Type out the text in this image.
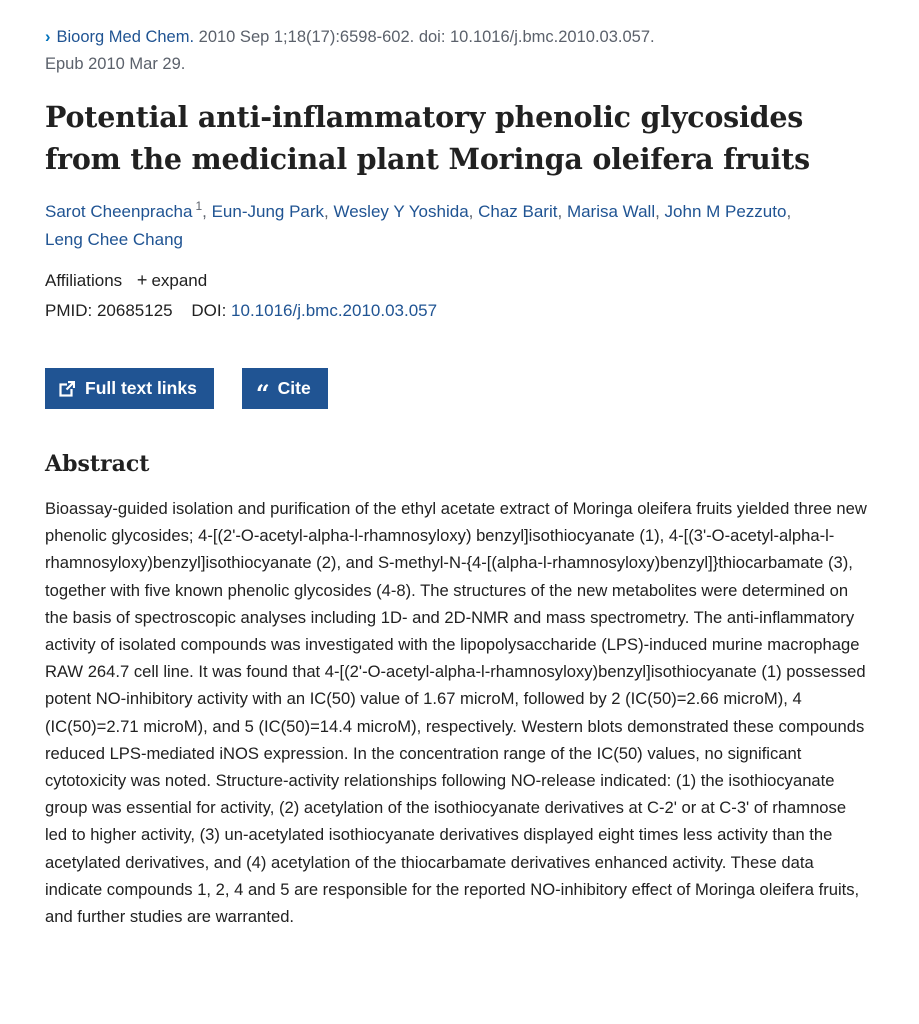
› Bioorg Med Chem. 2010 Sep 1;18(17):6598-602. doi: 10.1016/j.bmc.2010.03.057.
Epub 2010 Mar 29.
Potential anti-inflammatory phenolic glycosides from the medicinal plant Moringa oleifera fruits
Sarot Cheenpracha $^1$, Eun-Jung Park, Wesley Y Yoshida, Chaz Barit, Marisa Wall, John M Pezzuto,
Leng Chee Chang
Affiliations + expand
PMID: 20685125 DOI: 10.1016/j.bmc.2010.03.057
Full text links “ Cite
Abstract
Bioassay-guided isolation and purification of the ethyl acetate extract of Moringa oleifera fruits yielded three new phenolic glycosides; 4-[(2'-O-acetyl-alpha-l-rhamnosyloxy) benzyl]isothiocyanate (1), 4-[(3'-O-acetyl-alpha-l-rhamnosyloxy)benzyl]isothiocyanate (2), and S-methyl-N-{4-[(alpha-l-rhamnosyloxy)benzyl]}thiocarbamate (3), together with five known phenolic glycosides (4-8). The structures of the new metabolites were determined on the basis of spectroscopic analyses including 1D- and 2D-NMR and mass spectrometry. The anti-inflammatory activity of isolated compounds was investigated with the lipopolysaccharide (LPS)-induced murine macrophage RAW 264.7 cell line. It was found that 4-[(2'-O-acetyl-alpha-l-rhamnosyloxy)benzyl]isothiocyanate (1) possessed potent NO-inhibitory activity with an IC(50) value of 1.67 microM, followed by 2 (IC(50)=2.66 microM), 4 (IC(50)=2.71 microM), and 5 (IC(50)=14.4 microM), respectively. Western blots demonstrated these compounds reduced LPS-mediated iNOS expression. In the concentration range of the IC(50) values, no significant cytotoxicity was noted. Structure-activity relationships following NO-release indicated: (1) the isothiocyanate group was essential for activity, (2) acetylation of the isothiocyanate derivatives at C-2' or at C-3' of rhamnose led to higher activity, (3) un-acetylated isothiocyanate derivatives displayed eight times less activity than the acetylated derivatives, and (4) acetylation of the thiocarbamate derivatives enhanced activity. These data indicate compounds 1, 2, 4 and 5 are responsible for the reported NO-inhibitory effect of Moringa oleifera fruits, and further studies are warranted.
